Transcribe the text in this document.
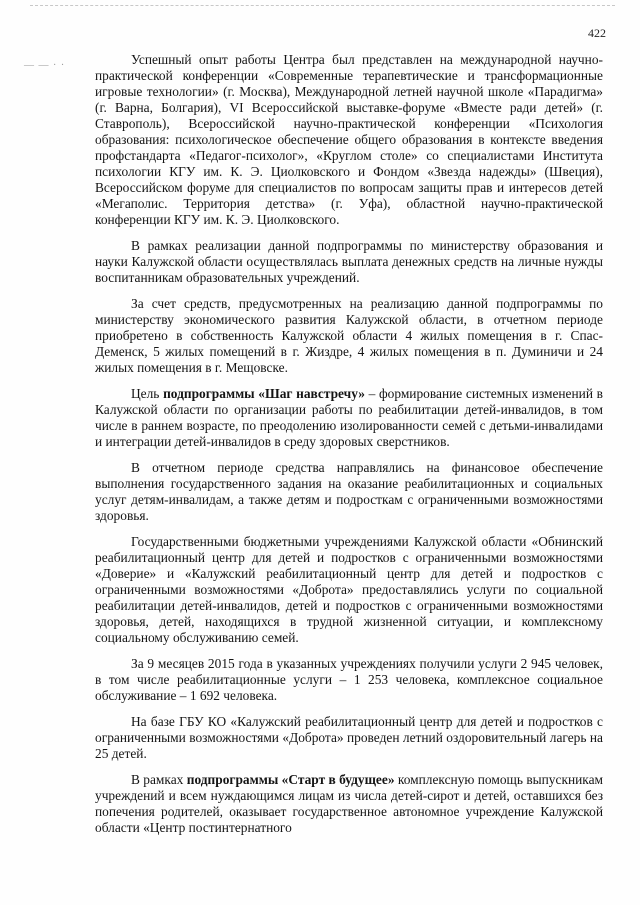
— — · ·
422

Успешный опыт работы Центра был представлен на международной научно-практической конференции «Современные терапевтические и трансформационные игровые технологии» (г. Москва), Международной летней научной школе «Парадигма» (г. Варна, Болгария), VI Всероссийской выставке-форуме «Вместе ради детей» (г. Ставрополь), Всероссийской научно-практической конференции «Психология образования: психологическое обеспечение общего образования в контексте введения профстандарта «Педагог-психолог», «Круглом столе» со специалистами Института психологии КГУ им. К. Э. Циолковского и Фондом «Звезда надежды» (Швеция), Всероссийском форуме для специалистов по вопросам защиты прав и интересов детей «Мегаполис. Территория детства» (г. Уфа), областной научно-практической конференции КГУ им. К. Э. Циолковского.

В рамках реализации данной подпрограммы по министерству образования и науки Калужской области осуществлялась выплата денежных средств на личные нужды воспитанникам образовательных учреждений.

За счет средств, предусмотренных на реализацию данной подпрограммы по министерству экономического развития Калужской области, в отчетном периоде приобретено в собственность Калужской области 4 жилых помещения в г. Спас-Деменск, 5 жилых помещений в г. Жиздре, 4 жилых помещения в п. Думиничи и 24 жилых помещения в г. Мещовске.

Цель подпрограммы «Шаг навстречу» – формирование системных изменений в Калужской области по организации работы по реабилитации детей-инвалидов, в том числе в раннем возрасте, по преодолению изолированности семей с детьми-инвалидами и интеграции детей-инвалидов в среду здоровых сверстников.

В отчетном периоде средства направлялись на финансовое обеспечение выполнения государственного задания на оказание реабилитационных и социальных услуг детям-инвалидам, а также детям и подросткам с ограниченными возможностями здоровья.

Государственными бюджетными учреждениями Калужской области «Обнинский реабилитационный центр для детей и подростков с ограниченными возможностями «Доверие» и «Калужский реабилитационный центр для детей и подростков с ограниченными возможностями «Доброта» предоставлялись услуги по социальной реабилитации детей-инвалидов, детей и подростков с ограниченными возможностями здоровья, детей, находящихся в трудной жизненной ситуации, и комплексному социальному обслуживанию семей.

За 9 месяцев 2015 года в указанных учреждениях получили услуги 2 945 человек, в том числе реабилитационные услуги – 1 253 человека, комплексное социальное обслуживание – 1 692 человека.

На базе ГБУ КО «Калужский реабилитационный центр для детей и подростков с ограниченными возможностями «Доброта» проведен летний оздоровительный лагерь на 25 детей.

В рамках подпрограммы «Старт в будущее» комплексную помощь выпускникам учреждений и всем нуждающимся лицам из числа детей-сирот и детей, оставшихся без попечения родителей, оказывает государственное автономное учреждение Калужской области «Центр постинтернатного
